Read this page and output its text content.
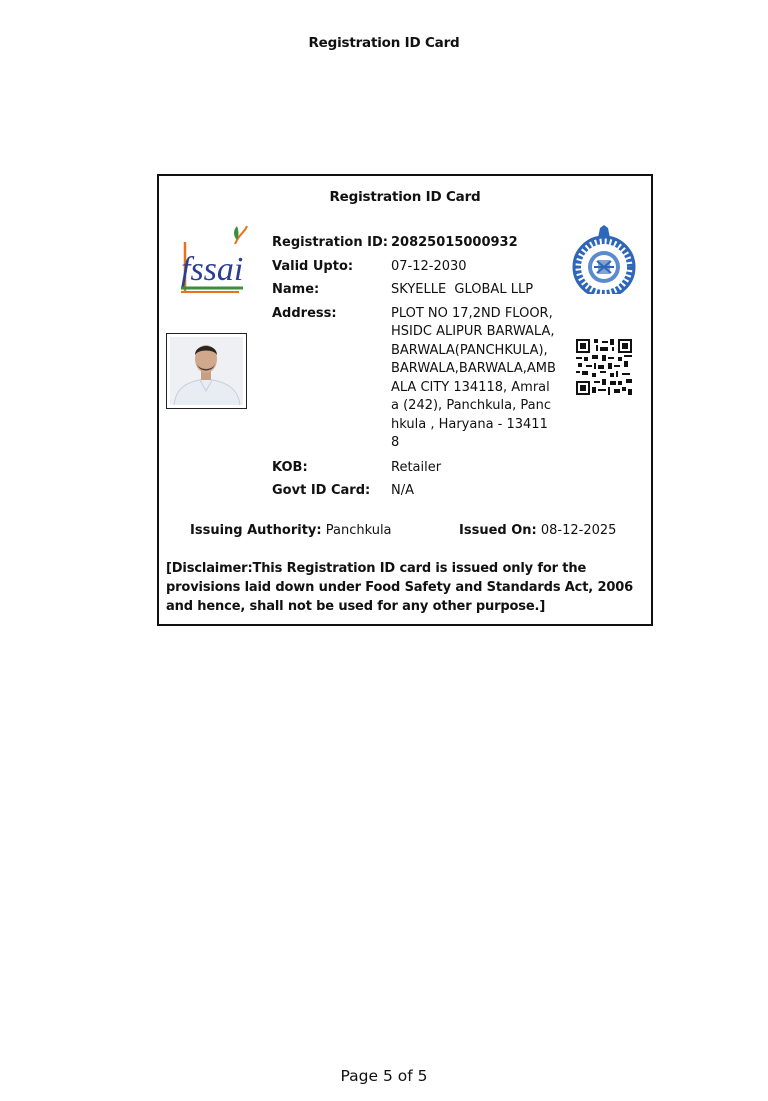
Registration ID Card
Registration ID Card
fssai
Registration ID: 20825015000932
Valid Upto:	07-12-2030
Name:	SKYELLE  GLOBAL LLP
Address:	PLOT NO 17,2ND FLOOR,HSIDC ALIPUR BARWALA,BARWALA(PANCHKULA),BARWALA,BARWALA,AMBALA CITY 134118, Amrala (242), Panchkula, Panchkula , Haryana - 134118
KOB:	Retailer
Govt ID Card: N/A
Issuing Authority: Panchkula	Issued On: 08-12-2025
[Disclaimer:This Registration ID card is issued only for the provisions laid down under Food Safety and Standards Act, 2006 and hence, shall not be used for any other purpose.]
Page 5 of 5
